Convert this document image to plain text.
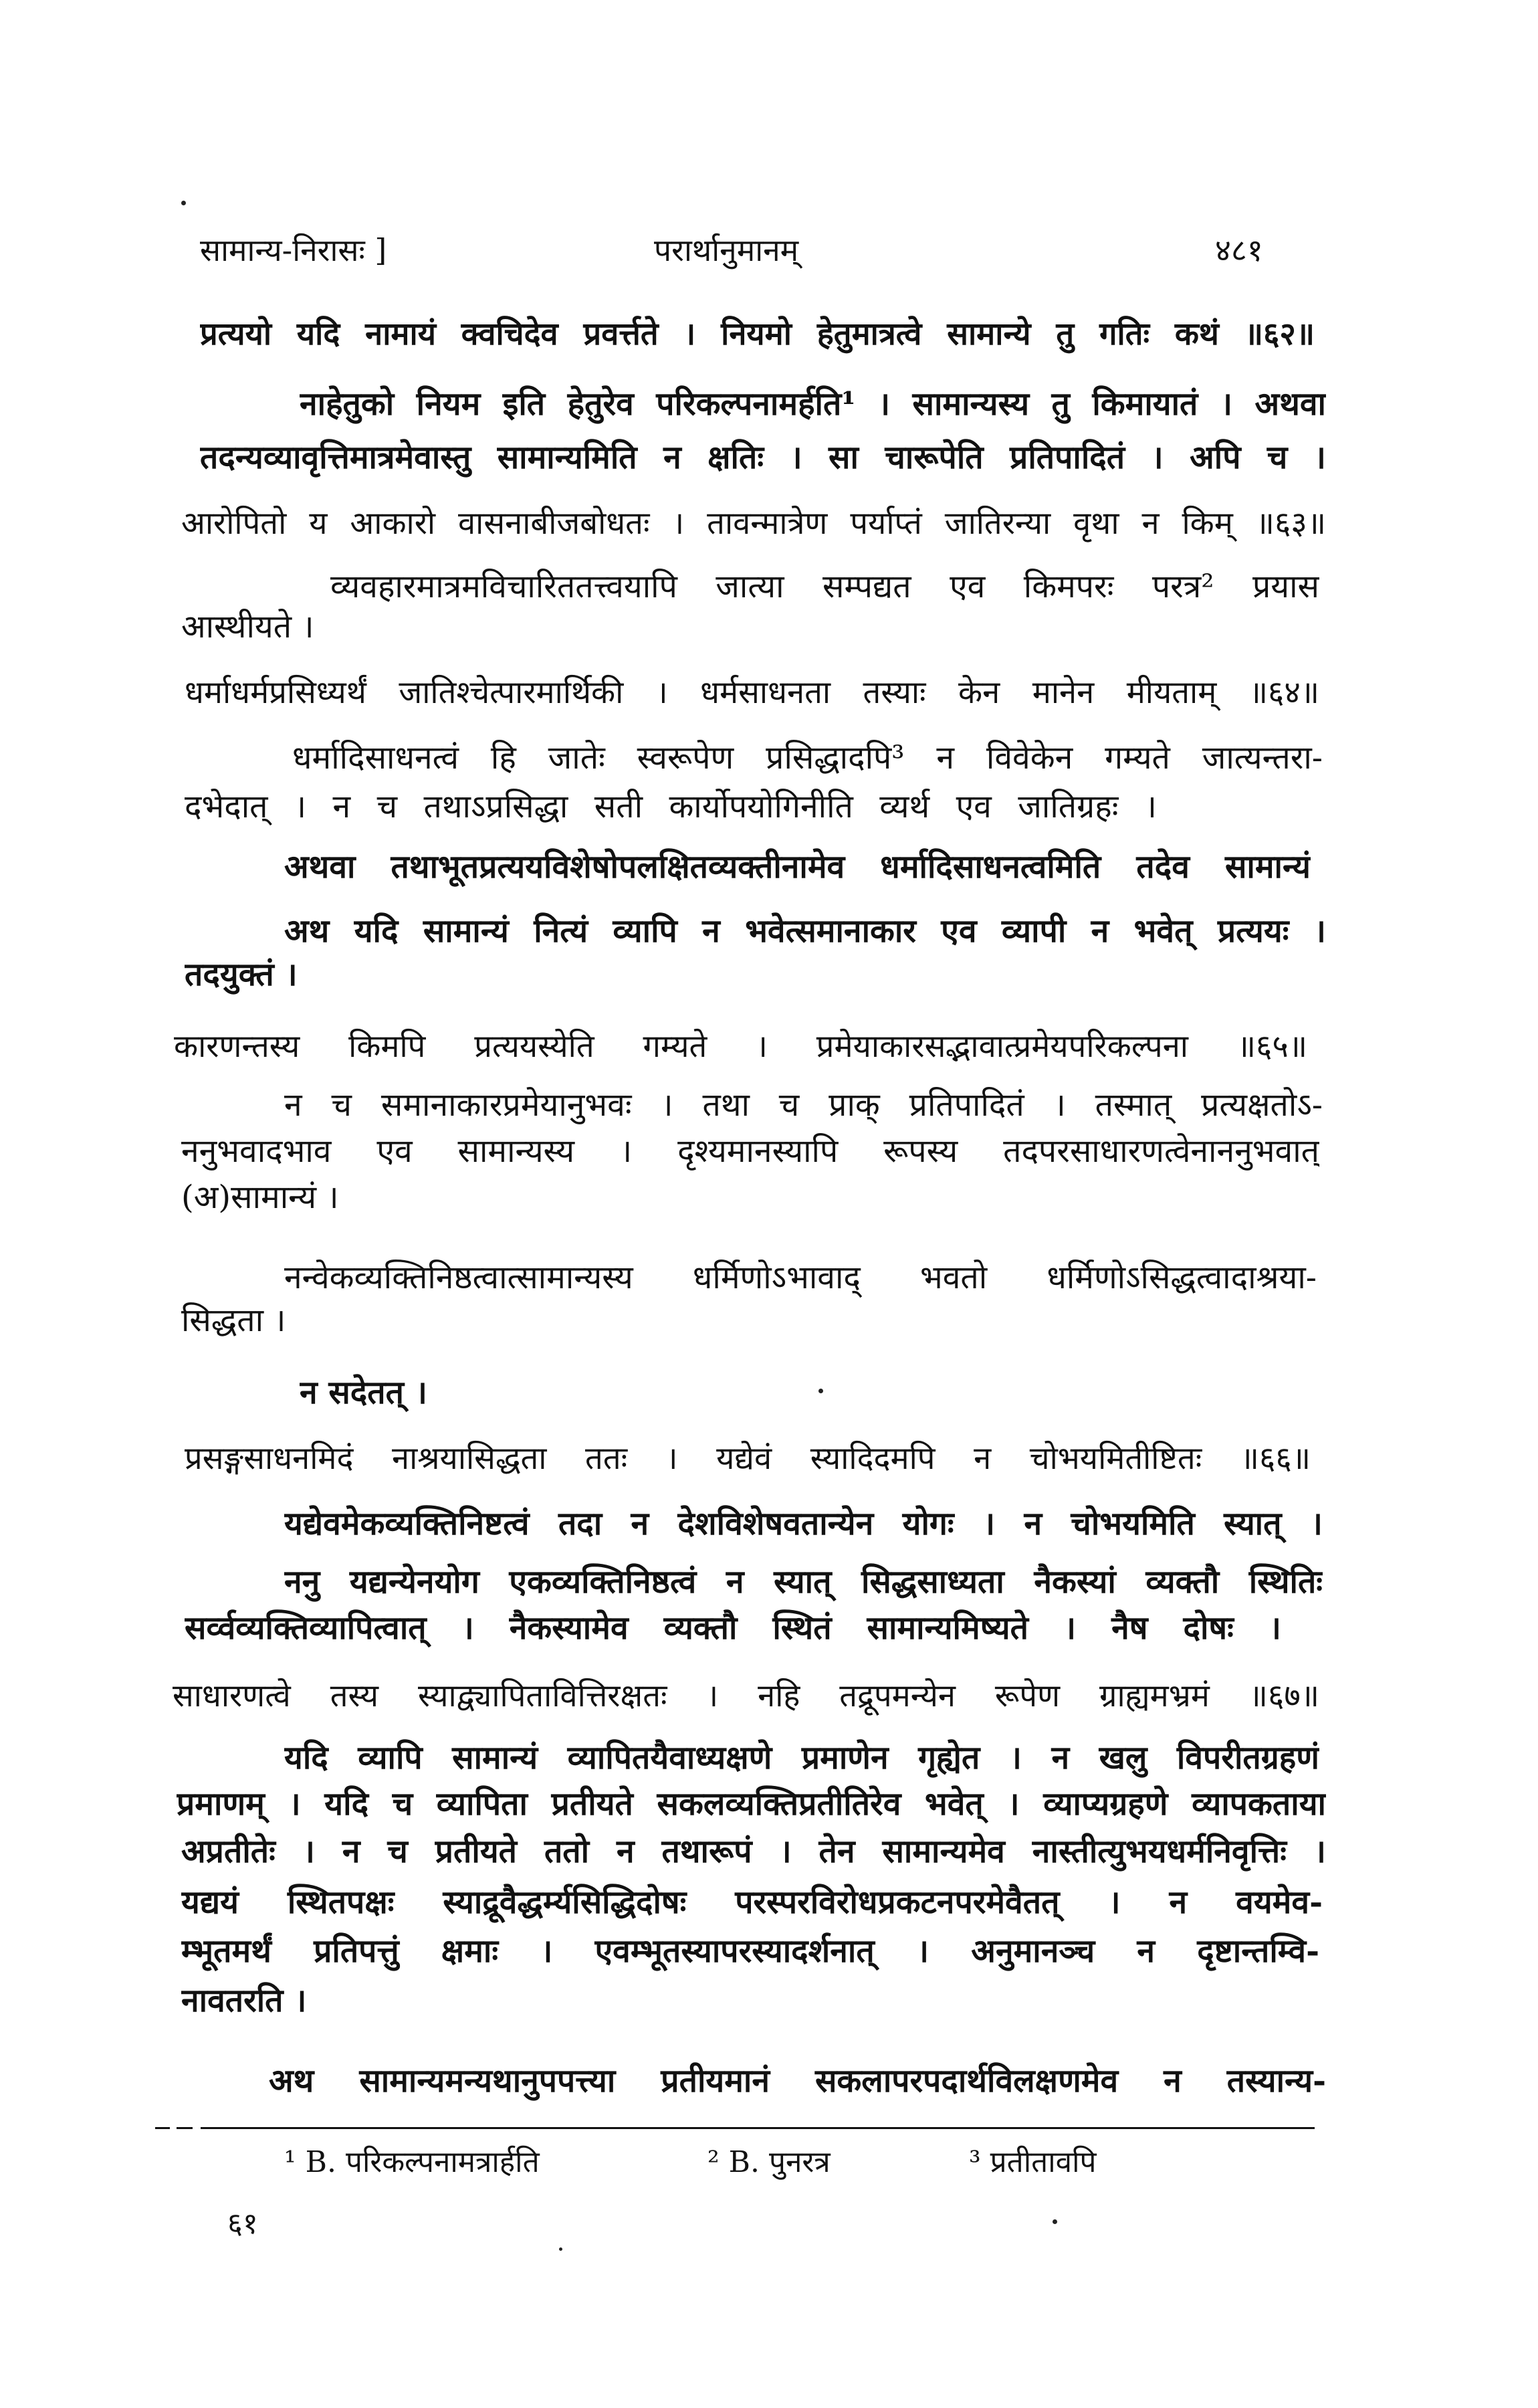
सामान्य-निरासः ]	परार्थानुमानम्	४८१
प्रत्ययो यदि नामायं क्वचिदेव प्रवर्त्तते । नियमो हेतुमात्रत्वे सामान्ये तु गतिः कथं ॥६२॥
नाहेतुको नियम इति हेतुरेव परिकल्पनामर्हति¹ । सामान्यस्य तु किमायातं । अथवा
तदन्यव्यावृत्तिमात्रमेवास्तु सामान्यमिति न क्षतिः । सा चारूपेति प्रतिपादितं । अपि च ।
आरोपितो य आकारो वासनाबीजबोधतः । तावन्मात्रेण पर्याप्तं जातिरन्या वृथा न किम् ॥६३॥
व्यवहारमात्रमविचारिततत्त्वयापि जात्या सम्पद्यत एव किमपरः परत्र² प्रयास
आस्थीयते ।
धर्माधर्मप्रसिध्यर्थं जातिश्चेत्पारमार्थिकी । धर्मसाधनता तस्याः केन मानेन मीयताम् ॥६४॥
धर्मादिसाधनत्वं हि जातेः स्वरूपेण प्रसिद्धादपि³ न विवेकेन गम्यते जात्यन्तरा-
दभेदात् । न च तथाऽप्रसिद्धा सती कार्योपयोगिनीति व्यर्थ एव जातिग्रहः ।
अथवा तथाभूतप्रत्ययविशेषोपलक्षितव्यक्तीनामेव धर्मादिसाधनत्वमिति तदेव सामान्यं
अथ यदि सामान्यं नित्यं व्यापि न भवेत्समानाकार एव व्यापी न भवेत् प्रत्ययः ।
तदयुक्तं ।
कारणन्तस्य किमपि प्रत्ययस्येति गम्यते । प्रमेयाकारसद्भावात्प्रमेयपरिकल्पना ॥६५॥
न च समानाकारप्रमेयानुभवः । तथा च प्राक् प्रतिपादितं । तस्मात् प्रत्यक्षतोऽ-
ननुभवादभाव एव सामान्यस्य । दृश्यमानस्यापि रूपस्य तदपरसाधारणत्वेनाननुभवात्
(अ)सामान्यं ।
नन्वेकव्यक्तिनिष्ठत्वात्सामान्यस्य धर्मिणोऽभावाद् भवतो धर्मिणोऽसिद्धत्वादाश्रया-
सिद्धता ।
न सदेतत् ।
प्रसङ्गसाधनमिदं नाश्रयासिद्धता ततः । यद्येवं स्यादिदमपि न चोभयमितीष्टितः ॥६६॥
यद्येवमेकव्यक्तिनिष्टत्वं तदा न देशविशेषवतान्येन योगः । न चोभयमिति स्यात् ।
ननु यद्यन्येनयोग एकव्यक्तिनिष्ठत्वं न स्यात् सिद्धसाध्यता नैकस्यां व्यक्तौ स्थितिः
सर्व्वव्यक्तिव्यापित्वात् । नैकस्यामेव व्यक्तौ स्थितं सामान्यमिष्यते । नैष दोषः ।
साधारणत्वे तस्य स्याद्व्यापितावित्तिरक्षतः । नहि तद्रूपमन्येन रूपेण ग्राह्यमभ्रमं ॥६७॥
यदि व्यापि सामान्यं व्यापितयैवाध्यक्षणे प्रमाणेन गृह्येत । न खलु विपरीतग्रहणं
प्रमाणम् । यदि च व्यापिता प्रतीयते सकलव्यक्तिप्रतीतिरेव भवेत् । व्याप्यग्रहणे व्यापकताया
अप्रतीतेः । न च प्रतीयते ततो न तथारूपं । तेन सामान्यमेव नास्तीत्युभयधर्मनिवृत्तिः ।
यद्ययं स्थितपक्षः स्याद्रूवैद्धर्म्यसिद्धिदोषः परस्परविरोधप्रकटनपरमेवैतत् । न वयमेव-
म्भूतमर्थं प्रतिपत्तुं क्षमाः । एवम्भूतस्यापरस्यादर्शनात् । अनुमानञ्च न दृष्टान्तम्वि-
नावतरति ।
अथ सामान्यमन्यथानुपपत्त्या प्रतीयमानं सकलापरपदार्थविलक्षणमेव न तस्यान्य-
¹ B. परिकल्पनामत्रार्हति	² B. पुनरत्र	³ प्रतीतावपि
६१
